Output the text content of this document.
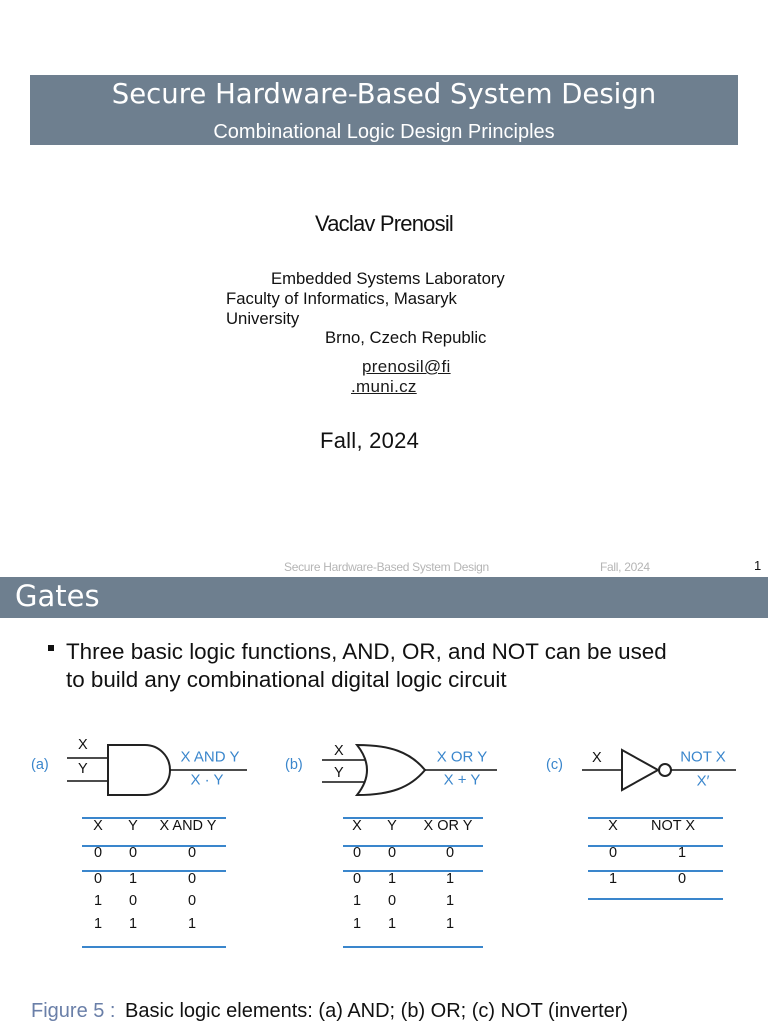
Secure Hardware-Based System Design
Combinational Logic Design Principles
Vaclav Prenosil
Embedded Systems Laboratory
Faculty of Informatics, Masaryk
University
Brno, Czech Republic
prenosil@fi
.muni.cz
Fall, 2024
Secure Hardware-Based System Design	Fall, 2024	1
Gates
Three basic logic functions, AND, OR, and NOT can be used
to build any combinational digital logic circuit
(a)
X
Y
X AND Y
X · Y
(b)
X
Y
X OR Y
X + Y
(c) X	NOT X
X′
X	Y	X AND Y
0	0	0
0	1	0
1	0	0
1	1	1
X	Y	X OR Y
0	0	0
0	1	1
1	0	1
1	1	1
X	NOT X
0	1
1	0
Figure 5 : Basic logic elements: (a) AND; (b) OR; (c) NOT (inverter)
